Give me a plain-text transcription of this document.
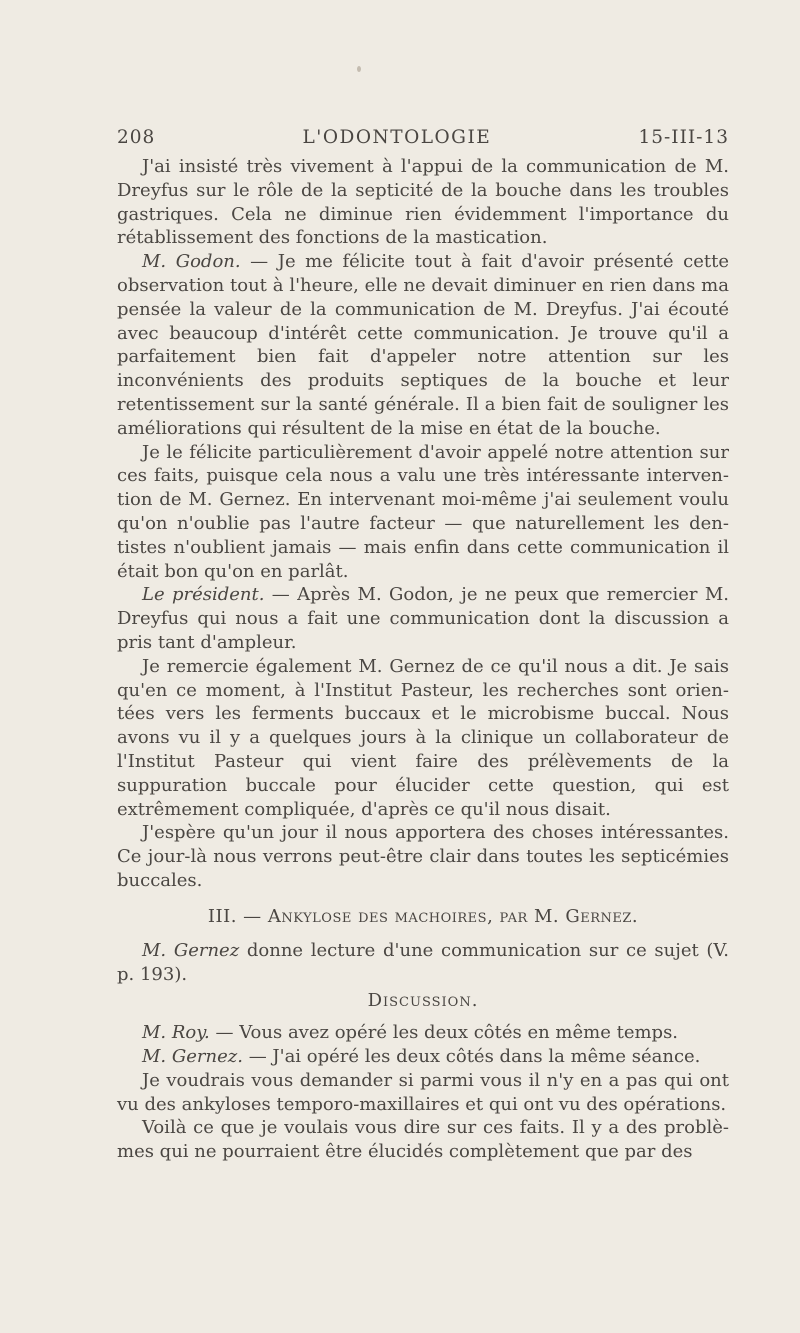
208	L'ODONTOLOGIE	15-III-13

J'ai insisté très vivement à l'appui de la communication de M. Dreyfus sur le rôle de la septicité de la bouche dans les troubles gastriques. Cela ne diminue rien évidemment l'importance du rétablissement des fonctions de la mastication.

M. Godon. — Je me félicite tout à fait d'avoir présenté cette observation tout à l'heure, elle ne devait diminuer en rien dans ma pensée la valeur de la communication de M. Dreyfus. J'ai écouté avec beaucoup d'intérêt cette communication. Je trouve qu'il a parfaitement bien fait d'appeler notre attention sur les inconvénients des produits septiques de la bouche et leur retentissement sur la santé générale. Il a bien fait de souligner les améliorations qui résultent de la mise en état de la bouche.

Je le félicite particulièrement d'avoir appelé notre attention sur ces faits, puisque cela nous a valu une très intéressante intervention de M. Gernez. En intervenant moi-même j'ai seulement voulu qu'on n'oublie pas l'autre facteur — que naturellement les dentistes n'oublient jamais — mais enfin dans cette communication il était bon qu'on en parlât.

Le président. — Après M. Godon, je ne peux que remercier M. Dreyfus qui nous a fait une communication dont la discussion a pris tant d'ampleur.

Je remercie également M. Gernez de ce qu'il nous a dit. Je sais qu'en ce moment, à l'Institut Pasteur, les recherches sont orientées vers les ferments buccaux et le microbisme buccal. Nous avons vu il y a quelques jours à la clinique un collaborateur de l'Institut Pasteur qui vient faire des prélèvements de la suppuration buccale pour élucider cette question, qui est extrêmement compliquée, d'après ce qu'il nous disait.

J'espère qu'un jour il nous apportera des choses intéressantes. Ce jour-là nous verrons peut-être clair dans toutes les septicémies buccales.

III. — Ankylose des machoires, par M. Gernez.

M. Gernez donne lecture d'une communication sur ce sujet (V. p. 193).

Discussion.

M. Roy. — Vous avez opéré les deux côtés en même temps.

M. Gernez. — J'ai opéré les deux côtés dans la même séance.

Je voudrais vous demander si parmi vous il n'y en a pas qui ont vu des ankyloses temporo-maxillaires et qui ont vu des opérations.

Voilà ce que je voulais vous dire sur ces faits. Il y a des problèmes qui ne pourraient être élucidés complètement que par des
